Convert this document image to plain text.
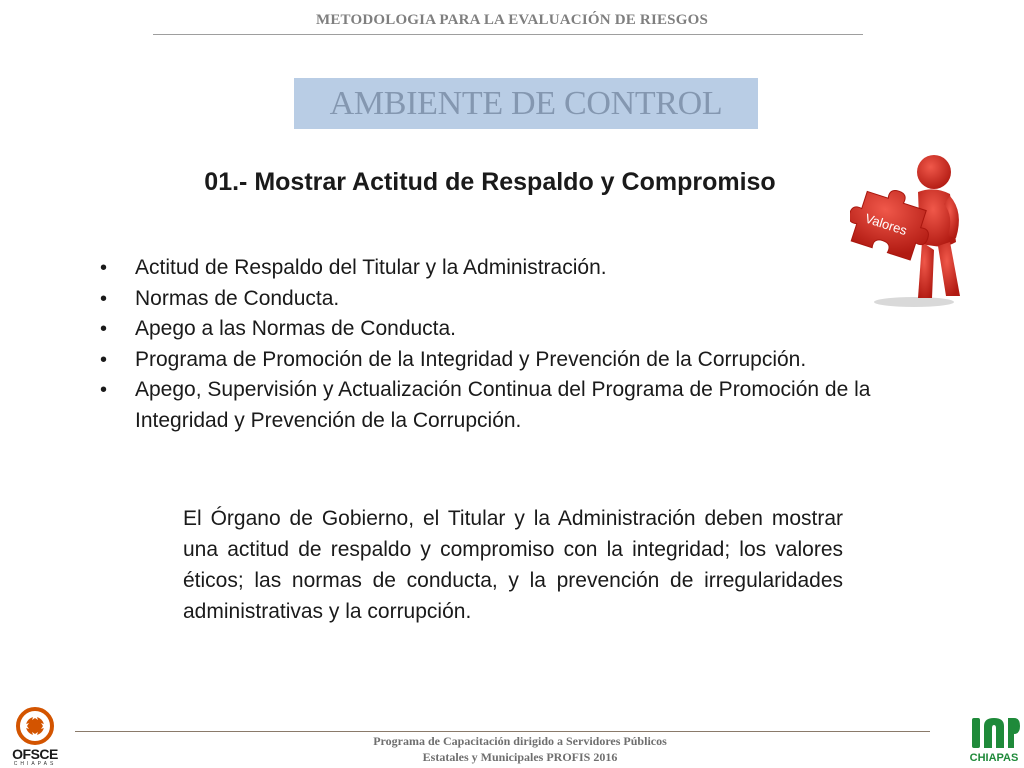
METODOLOGIA PARA LA EVALUACIÓN DE RIESGOS
AMBIENTE DE CONTROL
01.- Mostrar Actitud de Respaldo y Compromiso
• Actitud de Respaldo del Titular y la Administración.
• Normas de Conducta.
• Apego a las Normas de Conducta.
• Programa de Promoción de la Integridad y Prevención de la Corrupción.
• Apego, Supervisión y Actualización Continua del Programa de Promoción de la Integridad y Prevención de la Corrupción.

El Órgano de Gobierno, el Titular y la Administración deben mostrar una actitud de respaldo y compromiso con la integridad; los valores éticos; las normas de conducta, y la prevención de irregularidades administrativas y la corrupción.

Valores
Programa de Capacitación dirigido a Servidores Públicos
Estatales y Municipales PROFIS 2016
OFSCE
CHIAPAS	CHIAPAS
